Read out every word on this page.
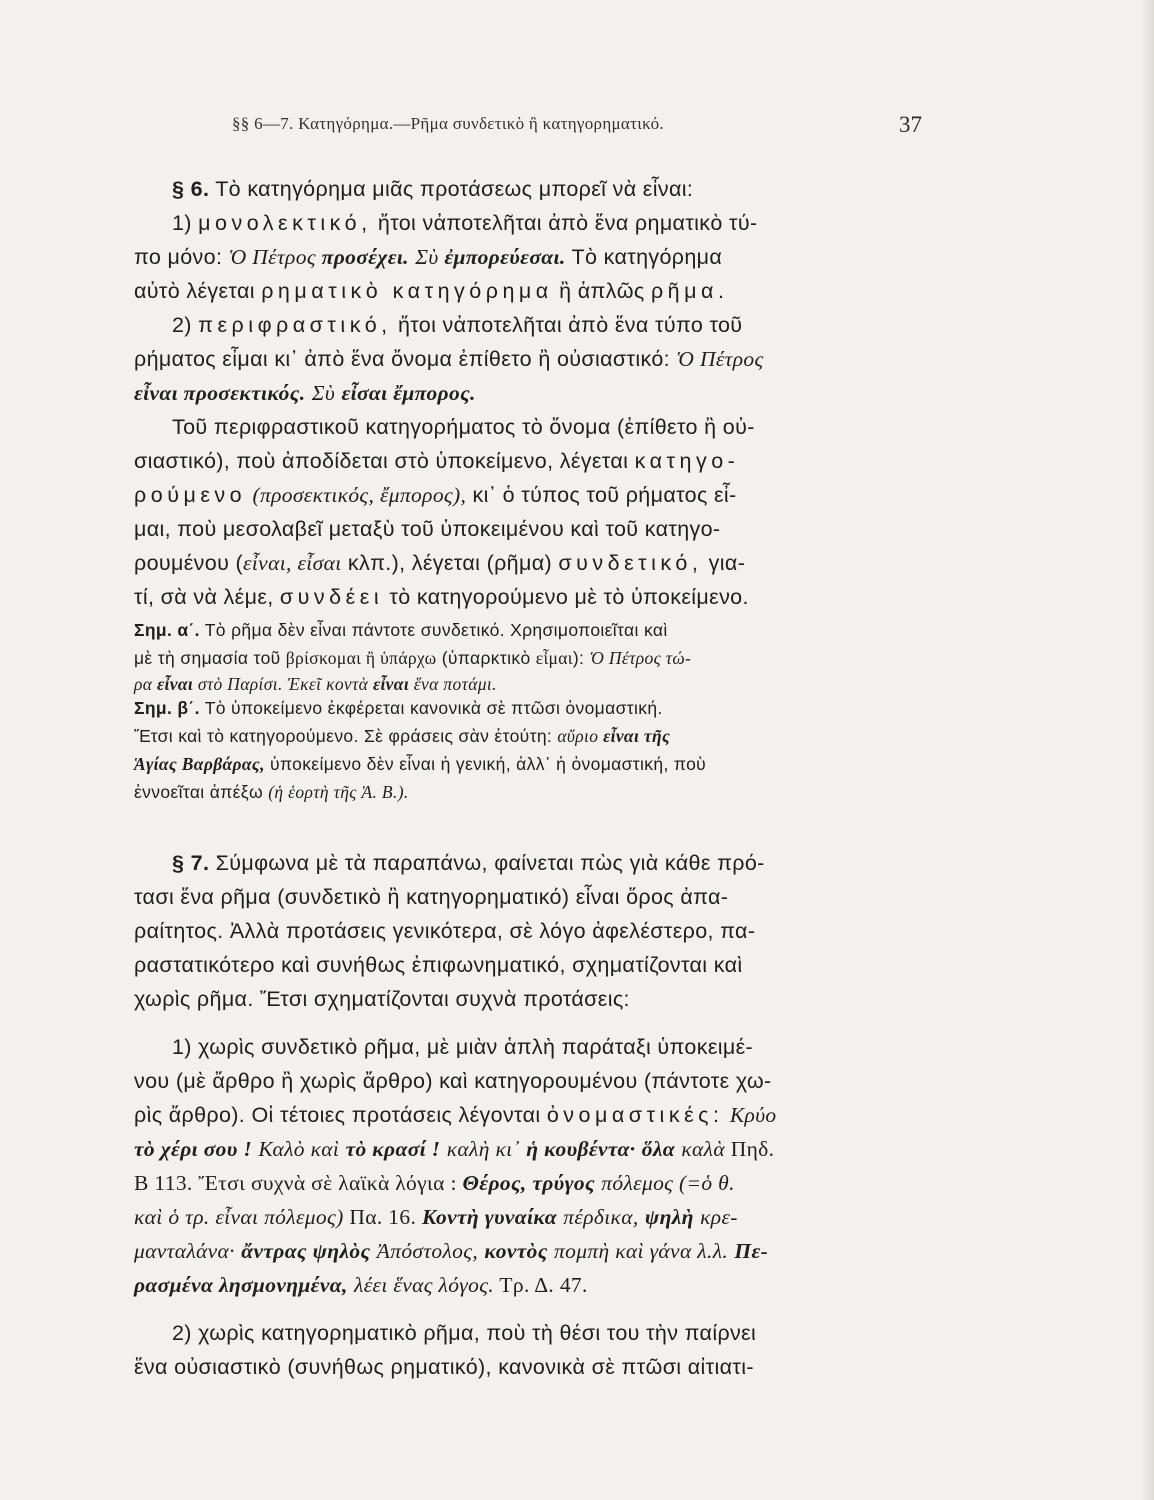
§§ 6—7. Κατηγόρημα.—Ρῆμα συνδετικὸ ἢ κατηγορηματικό.	37
§ 6. Τὸ κατηγόρημα μιᾶς προτάσεως μπορεῖ νὰ εἶναι:
1) μονολεκτικό, ἤτοι νἀποτελῆται ἀπὸ ἕνα ρηματικὸ τύ-
πο μόνο: Ὁ Πέτρος προσέχει. Σὺ ἐμπορεύεσαι. Τὸ κατηγόρημα
αὐτὸ λέγεται ρηματικὸ κατηγόρημα ἢ ἁπλῶς ρῆμα.
2) περιφραστικό, ἤτοι νἀποτελῆται ἀπὸ ἕνα τύπο τοῦ
ρήματος εἶμαι κι᾽ ἀπὸ ἕνα ὄνομα ἐπίθετο ἢ οὐσιαστικό: Ὁ Πέτρος
εἶναι προσεκτικός. Σὺ εἶσαι ἔμπορος.
Τοῦ περιφραστικοῦ κατηγορήματος τὸ ὄνομα (ἐπίθετο ἢ οὐ-
σιαστικό), ποὺ ἀποδίδεται στὸ ὑποκείμενο, λέγεται κατηγο-
ρούμενο (προσεκτικός, ἔμπορος), κι᾽ ὁ τύπος τοῦ ρήματος εἶ-
μαι, ποὺ μεσολαβεῖ μεταξὺ τοῦ ὑποκειμένου καὶ τοῦ κατηγο-
ρουμένου (εἶναι, εἶσαι κλπ.), λέγεται (ρῆμα) συνδετικό, για-
τί, σὰ νὰ λέμε, συνδέει τὸ κατηγορούμενο μὲ τὸ ὑποκείμενο.
Σημ. α΄. Τὸ ρῆμα δὲν εἶναι πάντοτε συνδετικό. Χρησιμοποιεῖται καὶ
μὲ τὴ σημασία τοῦ βρίσκομαι ἢ ὑπάρχω (ὑπαρκτικὸ εἶμαι): Ὁ Πέτρος τώ-
ρα εἶναι στὸ Παρίσι. Ἐκεῖ κοντὰ εἶναι ἕνα ποτάμι.
Σημ. β΄. Τὸ ὑποκείμενο ἐκφέρεται κανονικὰ σὲ πτῶσι ὀνομαστική.
Ἔτσι καὶ τὸ κατηγορούμενο. Σὲ φράσεις σὰν ἐτούτη: αὔριο εἶναι τῆς
Ἁγίας Βαρβάρας, ὑποκείμενο δὲν εἶναι ἡ γενική, ἀλλ᾽ ἡ ὀνομαστική, ποὺ
ἐννοεῖται ἀπέξω (ἡ ἑορτὴ τῆς Ἁ. Β.).
§ 7. Σύμφωνα μὲ τὰ παραπάνω, φαίνεται πὼς γιὰ κάθε πρό-
τασι ἕνα ρῆμα (συνδετικὸ ἢ κατηγορηματικό) εἶναι ὅρος ἀπα-
ραίτητος. Ἀλλὰ προτάσεις γενικότερα, σὲ λόγο ἀφελέστερο, πα-
ραστατικότερο καὶ συνήθως ἐπιφωνηματικό, σχηματίζονται καὶ
χωρὶς ρῆμα. Ἔτσι σχηματίζονται συχνὰ προτάσεις:
1) χωρὶς συνδετικὸ ρῆμα, μὲ μιὰν ἁπλὴ παράταξι ὑποκειμέ-
νου (μὲ ἄρθρο ἢ χωρὶς ἄρθρο) καὶ κατηγορουμένου (πάντοτε χω-
ρὶς ἄρθρο). Οἱ τέτοιες προτάσεις λέγονται ὀνομαστικές: Κρύο
τὸ χέρι σου ! Καλὸ καὶ τὸ κρασί ! καλὴ κι᾽ ἡ κουβέντα· ὅλα καλὰ Πηδ.
Β 113. Ἔτσι συχνὰ σὲ λαϊκὰ λόγια : Θέρος, τρύγος πόλεμος (=ὁ θ.
καὶ ὁ τρ. εἶναι πόλεμος) Πα. 16. Κοντὴ γυναίκα πέρδικα, ψηλὴ κρε-
μανταλάνα· ἄντρας ψηλὸς Ἀπόστολος, κοντὸς πομπὴ καὶ γάνα λ.λ. Πε-
ρασμένα λησμονημένα, λέει ἕνας λόγος. Τρ. Δ. 47.
2) χωρὶς κατηγορηματικὸ ρῆμα, ποὺ τὴ θέσι του τὴν παίρνει
ἕνα οὐσιαστικὸ (συνήθως ρηματικό), κανονικὰ σὲ πτῶσι αἰτιατι-
